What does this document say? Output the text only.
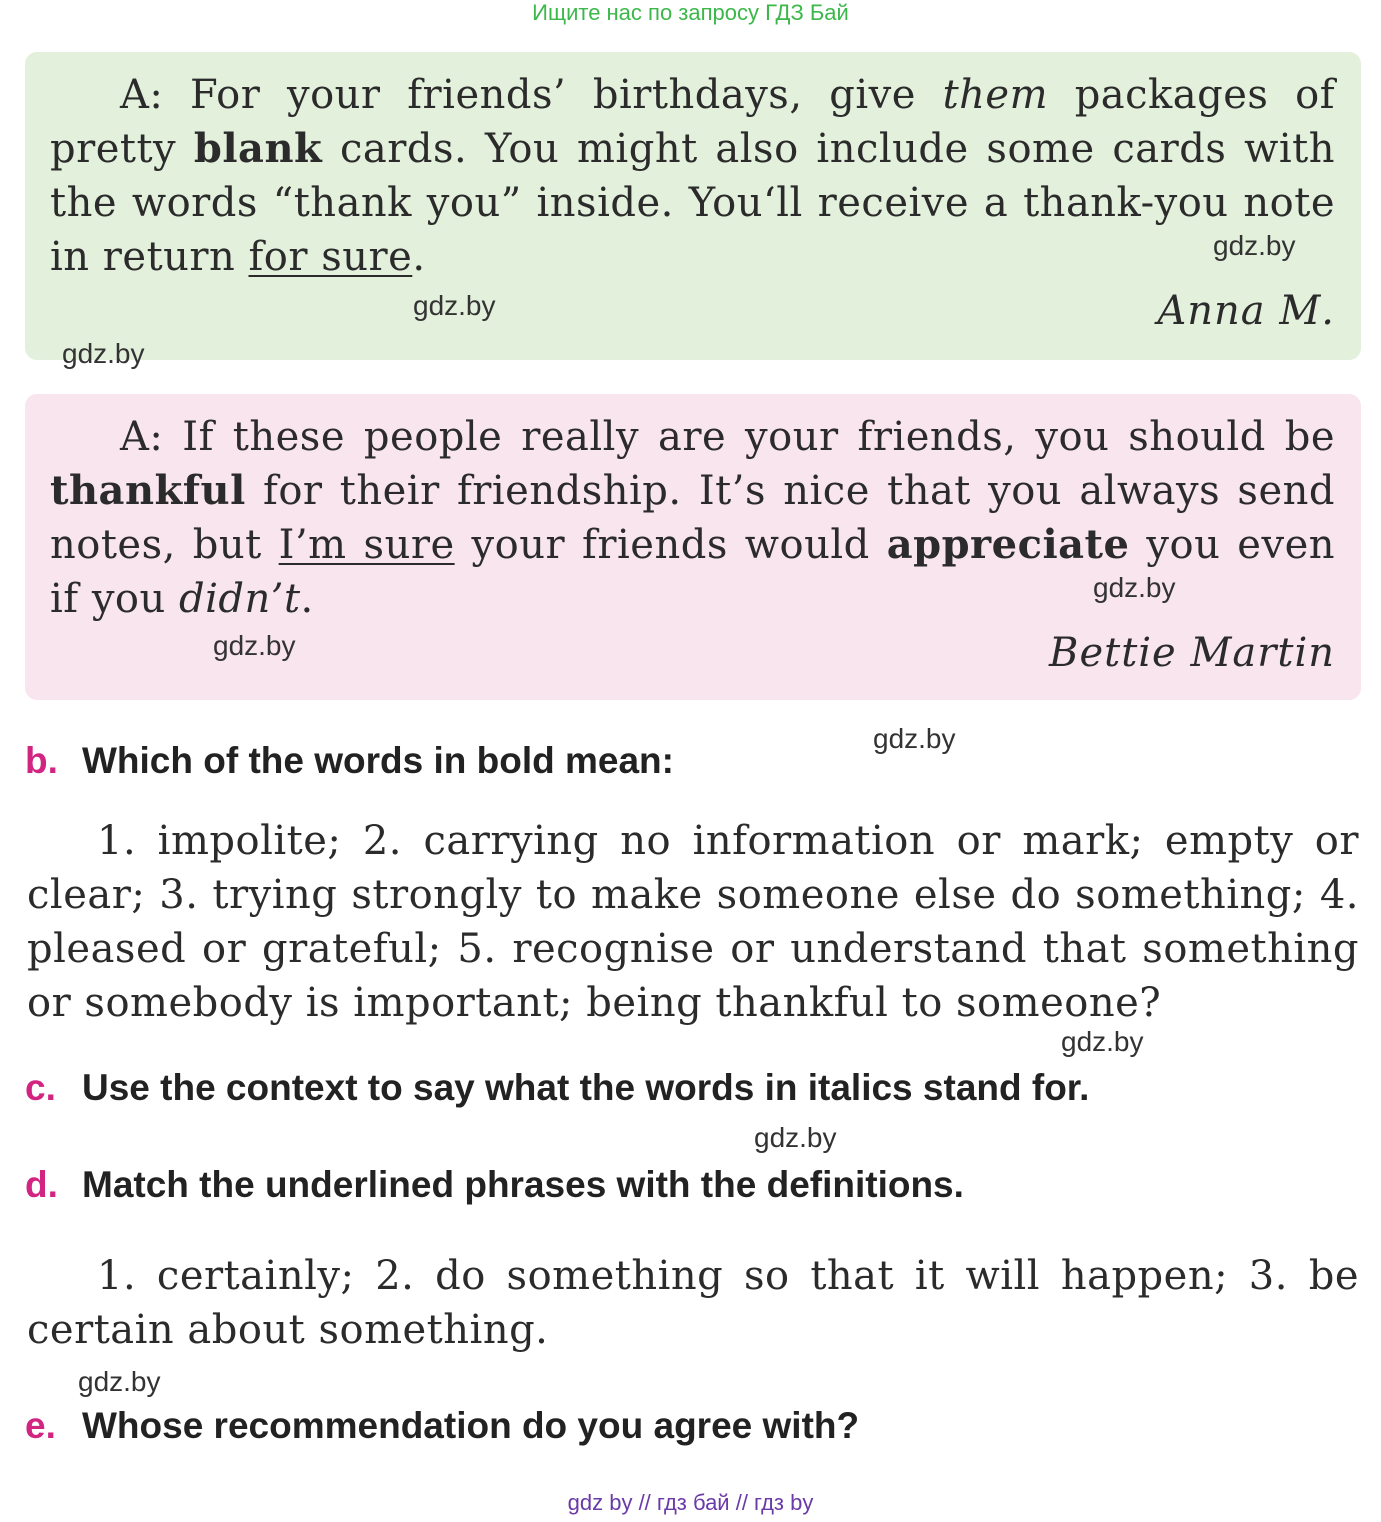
Ищите нас по запросу ГДЗ Бай

A: For your friends’ birthdays, give them packages of pretty blank cards. You might also include some cards with the words “thank you” inside. You‘ll receive a thank-you note in return for sure.

Anna M.

A: If these people really are your friends, you should be thankful for their friendship. It’s nice that you always send notes, but I’m sure your friends would appreciate you even if you didn’t.

Bettie Martin
b. Which of the words in bold mean:

1. impolite; 2. carrying no information or mark; empty or clear; 3. trying strongly to make someone else do something; 4. pleased or grateful; 5. recognise or understand that something or somebody is important; being thankful to someone?

c. Use the context to say what the words in italics stand for.
d. Match the underlined phrases with the definitions.

1. certainly; 2. do something so that it will happen; 3. be certain about something.

e. Whose recommendation do you agree with?
gdz.by
gdz.by
gdz.by
gdz.by
gdz.by
gdz.by
gdz.by
gdz.by
gdz.by
gdz by // гдз бай // гдз by
